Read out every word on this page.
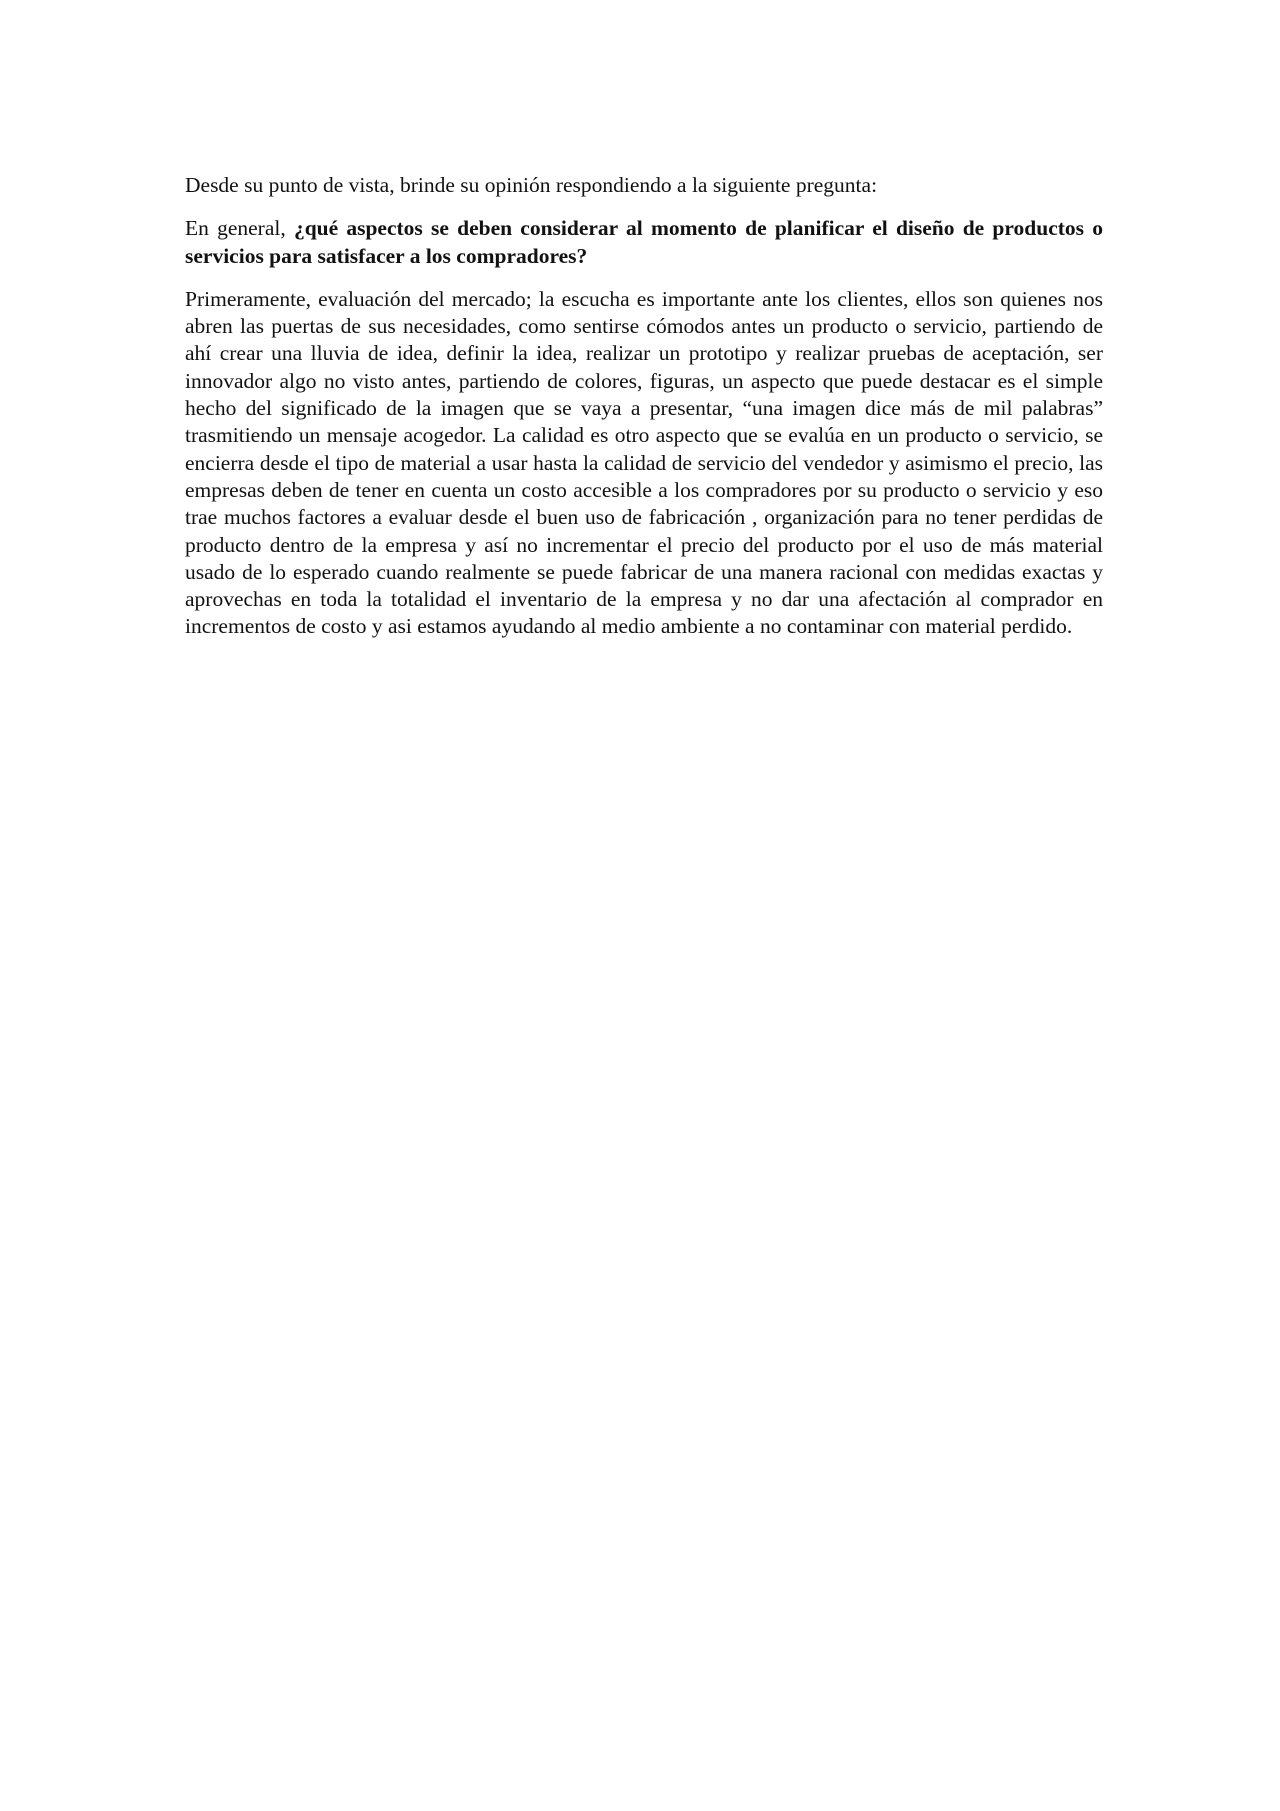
Desde su punto de vista, brinde su opinión respondiendo a la siguiente pregunta:

En general, ¿qué aspectos se deben considerar al momento de planificar el diseño de productos o servicios para satisfacer a los compradores?

Primeramente, evaluación del mercado; la escucha es importante ante los clientes, ellos son quienes nos abren las puertas de sus necesidades, como sentirse cómodos antes un producto o servicio, partiendo de ahí crear una lluvia de idea, definir la idea, realizar un prototipo y realizar pruebas de aceptación, ser innovador algo no visto antes, partiendo de colores, figuras, un aspecto que puede destacar es el simple hecho del significado de la imagen que se vaya a presentar, “una imagen dice más de mil palabras” trasmitiendo un mensaje acogedor. La calidad es otro aspecto que se evalúa en un producto o servicio, se encierra desde el tipo de material a usar hasta la calidad de servicio del vendedor y asimismo el precio, las empresas deben de tener en cuenta un costo accesible a los compradores por su producto o servicio y eso trae muchos factores a evaluar desde el buen uso de fabricación , organización para no tener perdidas de producto dentro de la empresa y así no incrementar el precio del producto por el uso de más material usado de lo esperado cuando realmente se puede fabricar de una manera racional con medidas exactas y aprovechas en toda la totalidad el inventario de la empresa y no dar una afectación al comprador en incrementos de costo y asi estamos ayudando al medio ambiente a no contaminar con material perdido.
